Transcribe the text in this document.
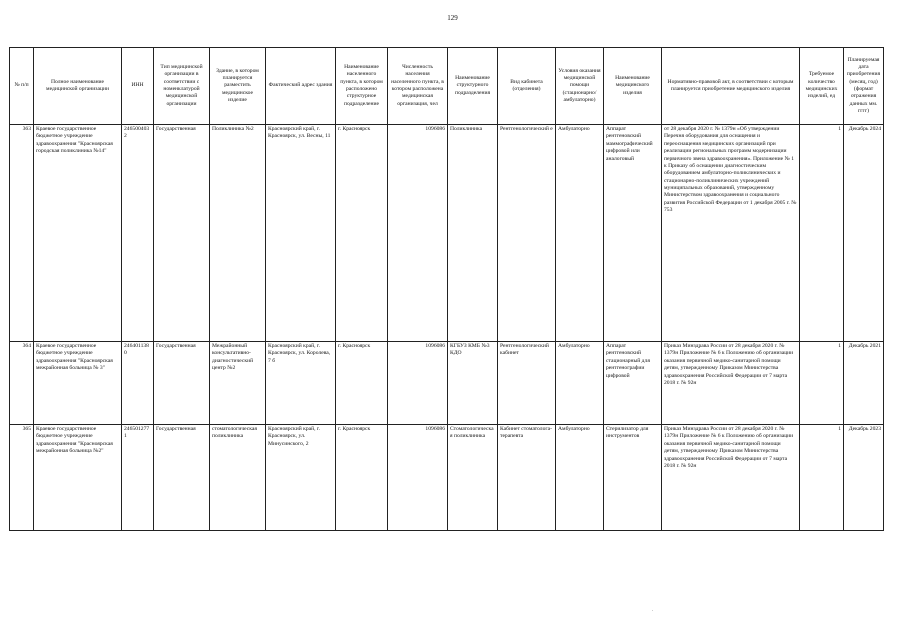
129
№ п/п	Полное наименование медицинской организации	ИНН	Тип медицинской организации в соответствии с номенклатурой медицинской организации	Здание, в котором планируется разместить медицинское изделие	Фактический адрес здания	Наименование населенного пункта, в котором расположено структурное подразделение	Численность населения населенного пункта, в котором расположена медицинская организация, чел	Наименование структурного подразделения	Вид кабинета (отделения)	Условия оказания медицинской помощи (стационарно/ амбулаторно)	Наименование медицинского изделия	Нормативно-правовой акт, в соответствии с которым планируется приобретение медицинского изделия	Требуемое количество медицинских изделий, ед	Планируемая дата приобретения (месяц, год) (формат отражения данных мм. гггг)
363	Краевое государственное бюджетное учреждение здравоохранения "Красноярская городская поликлиника №14"	2465004032	Государственная	Поликлиника №2	Красноярский край, г. Красноярск, ул. Весны, 11	г. Красноярск	1096086	Поликлиника	Рентгенологический е	Амбулаторно	Аппарат рентгеновский маммографический цифровой или аналоговый	от 28 декабря 2020 г. № 1379н «Об утверждении Перечня оборудования для оснащения и переоснащения медицинских организаций при реализации региональных программ модернизации первичного звена здравоохранения». Приложение № 1 к Приказу об оснащении диагностическим оборудованием амбулаторно-поликлинических и стационарно-поликлинических учреждений муниципальных образований, утвержденному Министерством здравоохранения и социального развития Российской Федерации от 1 декабря 2005 г. № 753	1	Декабрь 2024
364	Краевое государственное бюджетное учреждение здравоохранения "Красноярская межрайонная больница № 3"	2464011380	Государственная	Межрайонный консультативно-диагностический центр №2	Красноярский край, г. Красноярск, ул. Королева, 7 б	г. Красноярск	1096086	КГБУЗ КМБ №3 КДО	Рентгенологический кабинет	Амбулаторно	Аппарат рентгеновский стационарный для рентгенографии цифровой	Приказ Минздрава России от 28 декабря 2020 г. № 1379н Приложение № 6 к Положению об организации оказания первичной медико-санитарной помощи детям, утвержденному Приказом Министерства здравоохранения Российской Федерации от 7 марта 2018 г. № 92н	1	Декабрь 2021
365	Краевое государственное бюджетное учреждение здравоохранения "Красноярская межрайонная больница №2"	2465012771	Государственная	стоматологическая поликлиника	Красноярский край, г. Красноярск, ул. Минусинского, 2	г. Красноярск	1096086	Стоматологическая поликлиника	Кабинет стоматолога-терапевта	Амбулаторно	Стерилизатор для инструментов	Приказ Минздрава России от 28 декабря 2020 г. № 1379н Приложение № 6 к Положению об организации оказания первичной медико-санитарной помощи детям, утвержденному Приказом Министерства здравоохранения Российской Федерации от 7 марта 2018 г. № 92н	1	Декабрь 2023
.
